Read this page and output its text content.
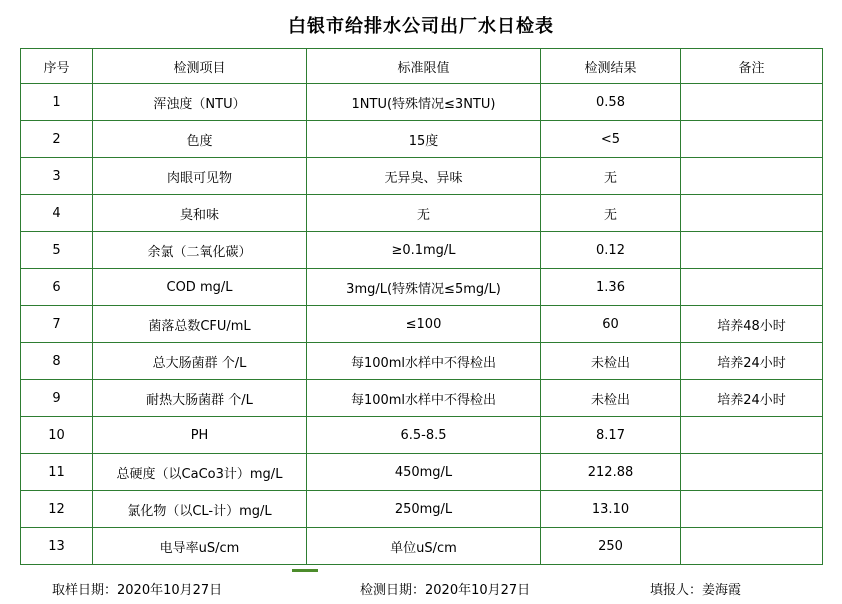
白银市给排水公司出厂水日检表
序号	检测项目	标准限值	检测结果	备注
1	浑浊度（NTU）	1NTU(特殊情况≤3NTU)	0.58	
2	色度	15度	<5	
3	肉眼可见物	无异臭、异味	无	
4	臭和味	无	无	
5	余氯（二氧化碳）	≥0.1mg/L	0.12	
6	COD mg/L	3mg/L(特殊情况≤5mg/L)	1.36	
7	菌落总数CFU/mL	≤100	60	培养48小时
8	总大肠菌群 个/L	每100ml水样中不得检出	未检出	培养24小时
9	耐热大肠菌群 个/L	每100ml水样中不得检出	未检出	培养24小时
10	PH	6.5-8.5	8.17	
11	总硬度（以CaCo3计）mg/L	450mg/L	212.88	
12	氯化物（以CL-计）mg/L	250mg/L	13.10	
13	电导率uS/cm	单位uS/cm	250	
取样日期：2020年10月27日	检测日期：2020年10月27日	填报人：姜海霞
